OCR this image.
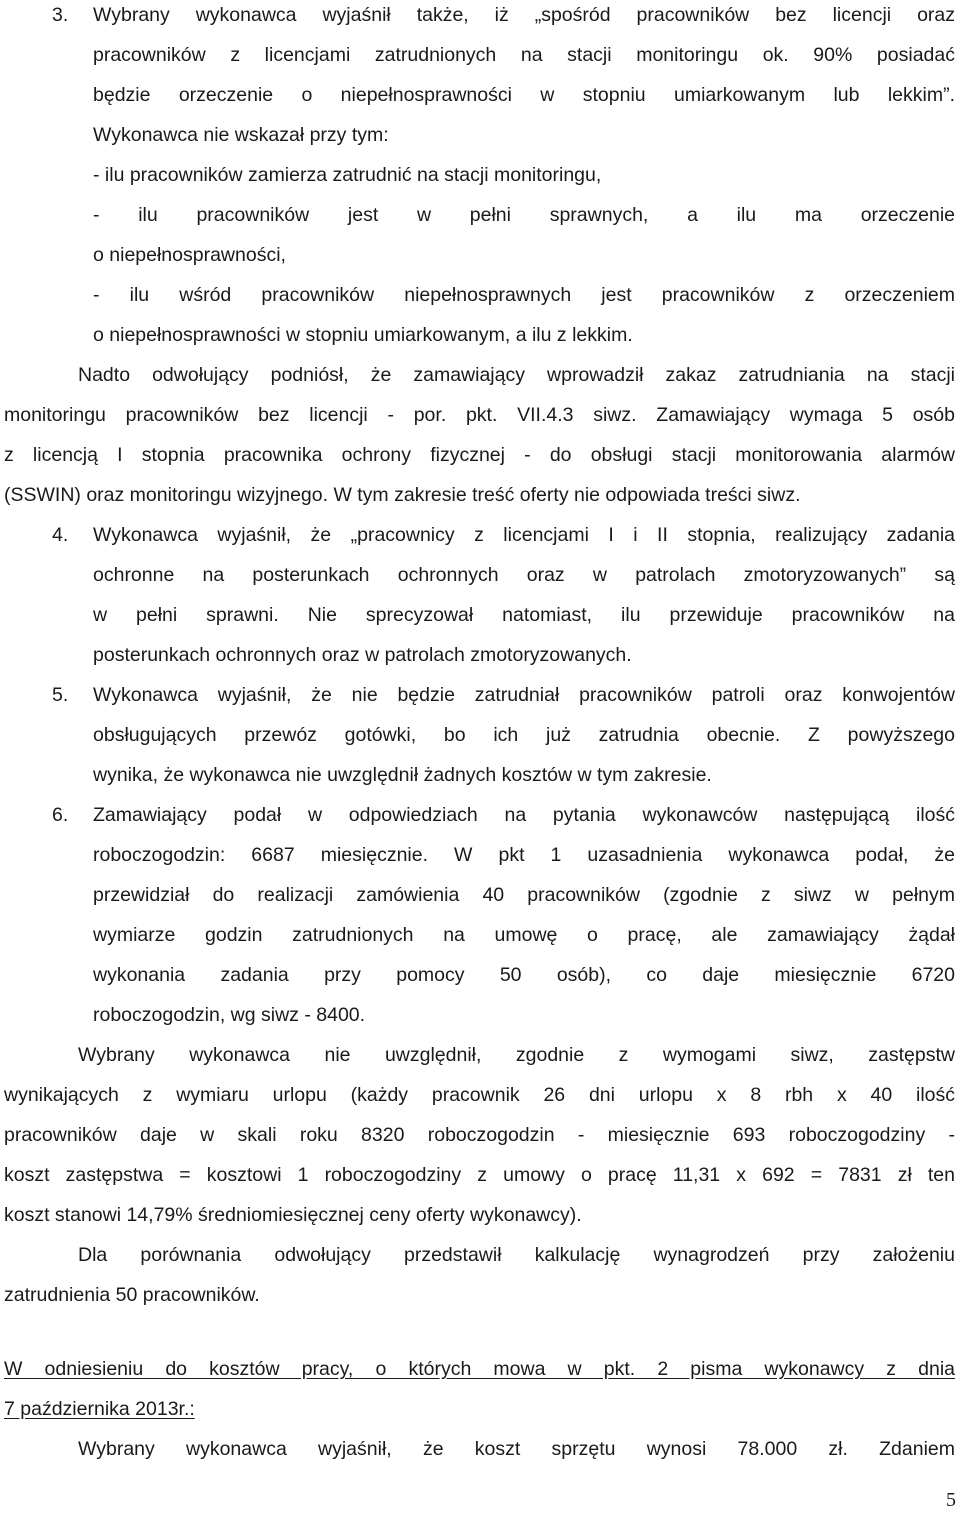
3. Wybrany wykonawca wyjaśnił także, iż „spośród pracowników bez licencji oraz
pracowników z licencjami zatrudnionych na stacji monitoringu ok. 90% posiadać
będzie orzeczenie o niepełnosprawności w stopniu umiarkowanym lub lekkim”.
Wykonawca nie wskazał przy tym:
- ilu pracowników zamierza zatrudnić na stacji monitoringu,
- ilu pracowników jest w pełni sprawnych, a ilu ma orzeczenie
o niepełnosprawności,
- ilu wśród pracowników niepełnosprawnych jest pracowników z orzeczeniem
o niepełnosprawności w stopniu umiarkowanym, a ilu z lekkim.
Nadto odwołujący podniósł, że zamawiający wprowadził zakaz zatrudniania na stacji
monitoringu pracowników bez licencji - por. pkt. VII.4.3 siwz. Zamawiający wymaga 5 osób
z licencją I stopnia pracownika ochrony fizycznej - do obsługi stacji monitorowania alarmów
(SSWIN) oraz monitoringu wizyjnego. W tym zakresie treść oferty nie odpowiada treści siwz.
4. Wykonawca wyjaśnił, że „pracownicy z licencjami I i II stopnia, realizujący zadania
ochronne na posterunkach ochronnych oraz w patrolach zmotoryzowanych” są
w pełni sprawni. Nie sprecyzował natomiast, ilu przewiduje pracowników na
posterunkach ochronnych oraz w patrolach zmotoryzowanych.
5. Wykonawca wyjaśnił, że nie będzie zatrudniał pracowników patroli oraz konwojentów
obsługujących przewóz gotówki, bo ich już zatrudnia obecnie. Z powyższego
wynika, że wykonawca nie uwzględnił żadnych kosztów w tym zakresie.
6. Zamawiający podał w odpowiedziach na pytania wykonawców następującą ilość
roboczogodzin: 6687 miesięcznie. W pkt 1 uzasadnienia wykonawca podał, że
przewidział do realizacji zamówienia 40 pracowników (zgodnie z siwz w pełnym
wymiarze godzin zatrudnionych na umowę o pracę, ale zamawiający żądał
wykonania zadania przy pomocy 50 osób), co daje miesięcznie 6720
roboczogodzin, wg siwz - 8400.
Wybrany wykonawca nie uwzględnił, zgodnie z wymogami siwz, zastępstw
wynikających z wymiaru urlopu (każdy pracownik 26 dni urlopu x 8 rbh x 40 ilość
pracowników daje w skali roku 8320 roboczogodzin - miesięcznie 693 roboczogodziny -
koszt zastępstwa = kosztowi 1 roboczogodziny z umowy o pracę 11,31 x 692 = 7831 zł ten
koszt stanowi 14,79% średniomiesięcznej ceny oferty wykonawcy).
Dla porównania odwołujący przedstawił kalkulację wynagrodzeń przy założeniu
zatrudnienia 50 pracowników.
W odniesieniu do kosztów pracy, o których mowa w pkt. 2 pisma wykonawcy z dnia
7 października 2013r.:
Wybrany wykonawca wyjaśnił, że koszt sprzętu wynosi 78.000 zł. Zdaniem
5
